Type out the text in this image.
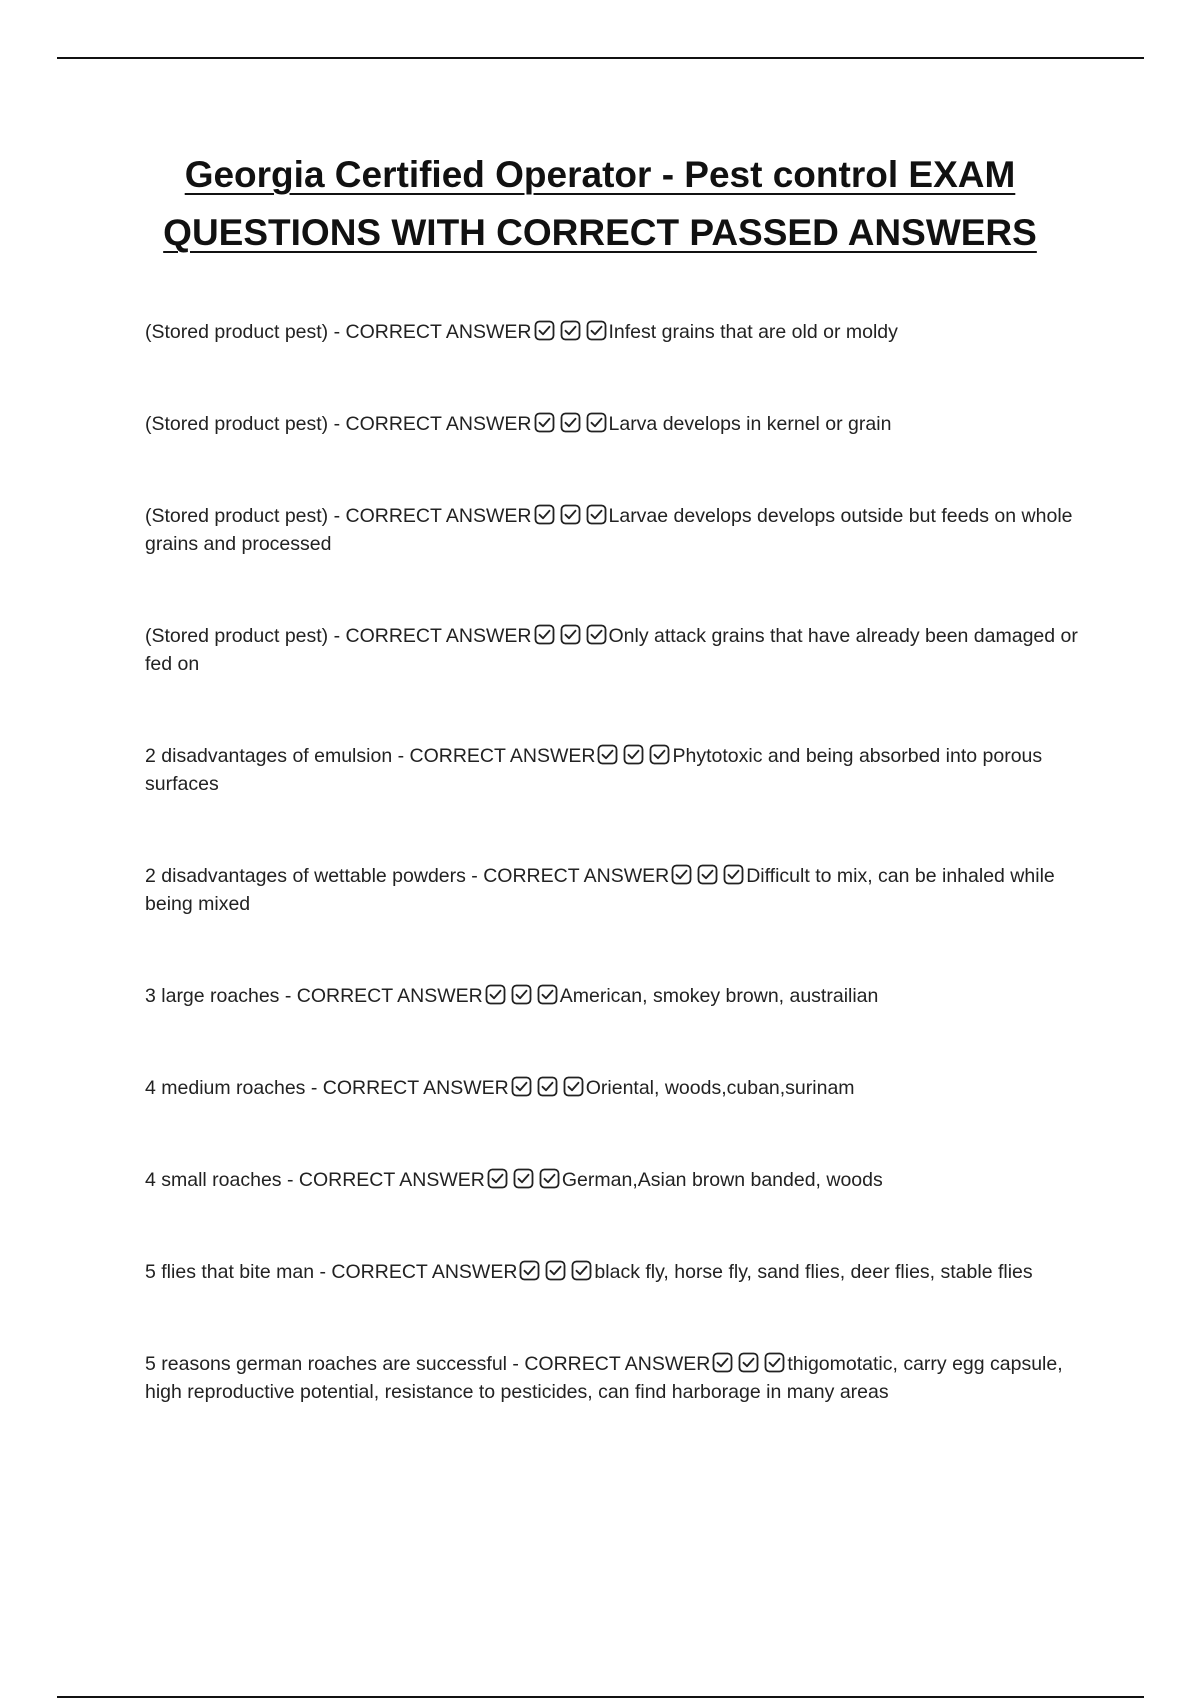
Georgia Certified Operator - Pest control EXAM
QUESTIONS WITH CORRECT PASSED ANSWERS
(Stored product pest) - CORRECT ANSWER	Infest grains that are old or moldy
(Stored product pest) - CORRECT ANSWER	Larva develops in kernel or grain
(Stored product pest) - CORRECT ANSWER	Larvae develops develops outside but feeds on whole grains and processed
(Stored product pest) - CORRECT ANSWER	Only attack grains that have already been damaged or fed on
2 disadvantages of emulsion - CORRECT ANSWER	Phytotoxic and being absorbed into porous surfaces
2 disadvantages of wettable powders - CORRECT ANSWER	Difficult to mix, can be inhaled while being mixed
3 large roaches - CORRECT ANSWER	American, smokey brown, austrailian
4 medium roaches - CORRECT ANSWER	Oriental, woods,cuban,surinam
4 small roaches - CORRECT ANSWER	German,Asian brown banded, woods
5 flies that bite man - CORRECT ANSWER	black fly, horse fly, sand flies, deer flies, stable flies
5 reasons german roaches are successful - CORRECT ANSWER	thigomotatic, carry egg capsule, high reproductive potential, resistance to pesticides, can find harborage in many areas
